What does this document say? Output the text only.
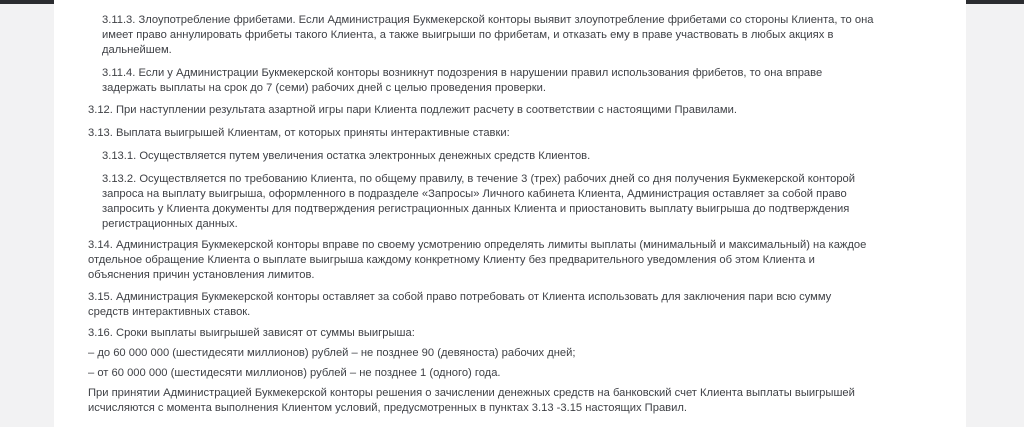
3.11.3. Злоупотребление фрибетами. Если Администрация Букмекерской конторы выявит злоупотребление фрибетами со стороны Клиента, то она
имеет право аннулировать фрибеты такого Клиента, а также выигрыши по фрибетам, и отказать ему в праве участвовать в любых акциях в
дальнейшем.

3.11.4. Если у Администрации Букмекерской конторы возникнут подозрения в нарушении правил использования фрибетов, то она вправе
задержать выплаты на срок до 7 (семи) рабочих дней с целью проведения проверки.

3.12. При наступлении результата азартной игры пари Клиента подлежит расчету в соответствии с настоящими Правилами.

3.13. Выплата выигрышей Клиентам, от которых приняты интерактивные ставки:

3.13.1. Осуществляется путем увеличения остатка электронных денежных средств Клиентов.

3.13.2. Осуществляется по требованию Клиента, по общему правилу, в течение 3 (трех) рабочих дней со дня получения Букмекерской конторой
запроса на выплату выигрыша, оформленного в подразделе «Запросы» Личного кабинета Клиента, Администрация оставляет за собой право
запросить у Клиента документы для подтверждения регистрационных данных Клиента и приостановить выплату выигрыша до подтверждения
регистрационных данных.

3.14. Администрация Букмекерской конторы вправе по своему усмотрению определять лимиты выплаты (минимальный и максимальный) на каждое
отдельное обращение Клиента о выплате выигрыша каждому конкретному Клиенту без предварительного уведомления об этом Клиента и
объяснения причин установления лимитов.

3.15. Администрация Букмекерской конторы оставляет за собой право потребовать от Клиента использовать для заключения пари всю сумму
средств интерактивных ставок.

3.16. Сроки выплаты выигрышей зависят от суммы выигрыша:

– до 60 000 000 (шестидесяти миллионов) рублей – не позднее 90 (девяноста) рабочих дней;

– от 60 000 000 (шестидесяти миллионов) рублей – не позднее 1 (одного) года.

При принятии Администрацией Букмекерской конторы решения о зачислении денежных средств на банковский счет Клиента выплаты выигрышей
исчисляются с момента выполнения Клиентом условий, предусмотренных в пунктах 3.13 -3.15 настоящих Правил.
